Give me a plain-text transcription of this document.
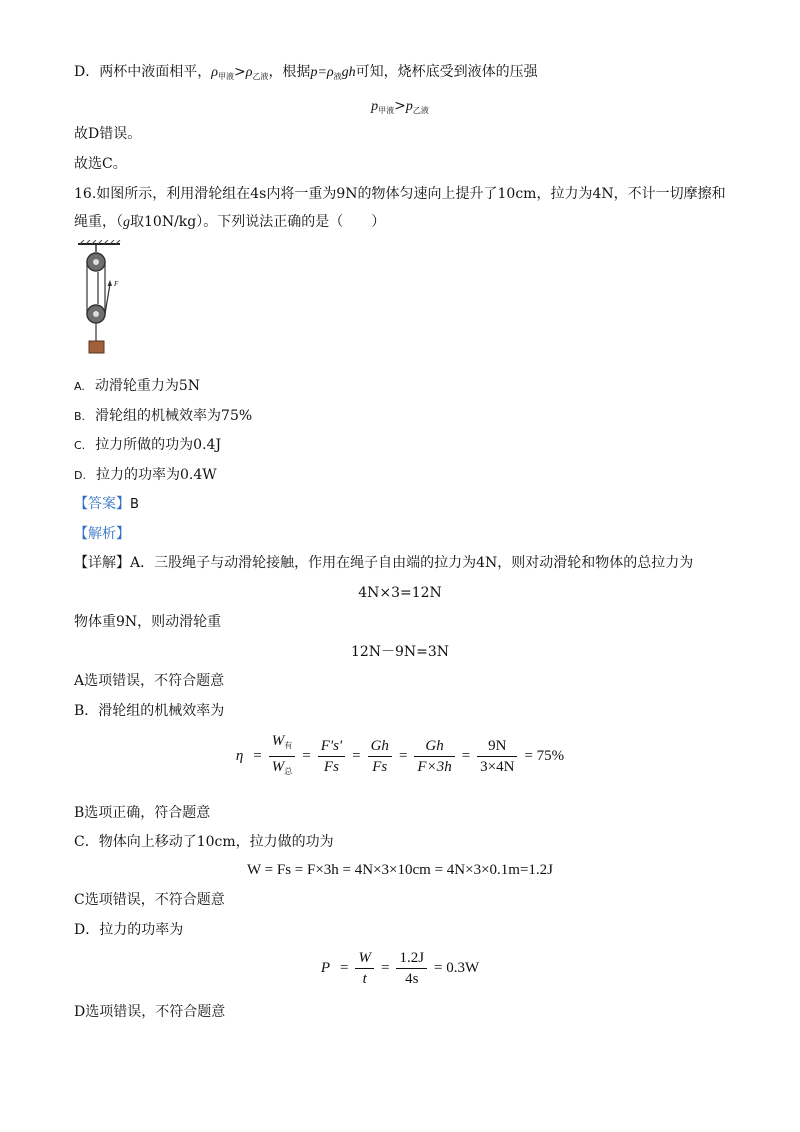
D．两杯中液面相平，$\rho_{甲液}>\rho_{乙液}$，根据$p=\rho_液gh$可知，烧杯底受到液体的压强
$p_{甲液}>p_{乙液}$
故D错误。
故选C。
16.如图所示，利用滑轮组在4s内将一重为9N的物体匀速向上提升了10cm，拉力为4N，不计一切摩擦和
绳重，（g取10N/kg）。下列说法正确的是（　　）
F
A. 动滑轮重力为5N
B. 滑轮组的机械效率为75%
C. 拉力所做的功为0.4J
D. 拉力的功率为0.4W
【答案】B
【解析】
【详解】A．三股绳子与动滑轮接触，作用在绳子自由端的拉力为4N，则对动滑轮和物体的总拉力为
4N×3=12N
物体重9N，则动滑轮重
12N－9N=3N
A选项错误，不符合题意
B．滑轮组的机械效率为
$\eta = \frac{W_有}{W_总} = \frac{F's'}{Fs} = \frac{Gh}{Fs} = \frac{Gh}{F\times 3h} = \frac{9N}{3\times 4N} = 75\%$
B选项正确，符合题意
C．物体向上移动了10cm，拉力做的功为
W = Fs = F×3h = 4N×3×10cm = 4N×3×0.1m=1.2J
C选项错误，不符合题意
D．拉力的功率为
$P = \frac{W}{t} = \frac{1.2J}{4s} = 0.3W$
D选项错误，不符合题意
